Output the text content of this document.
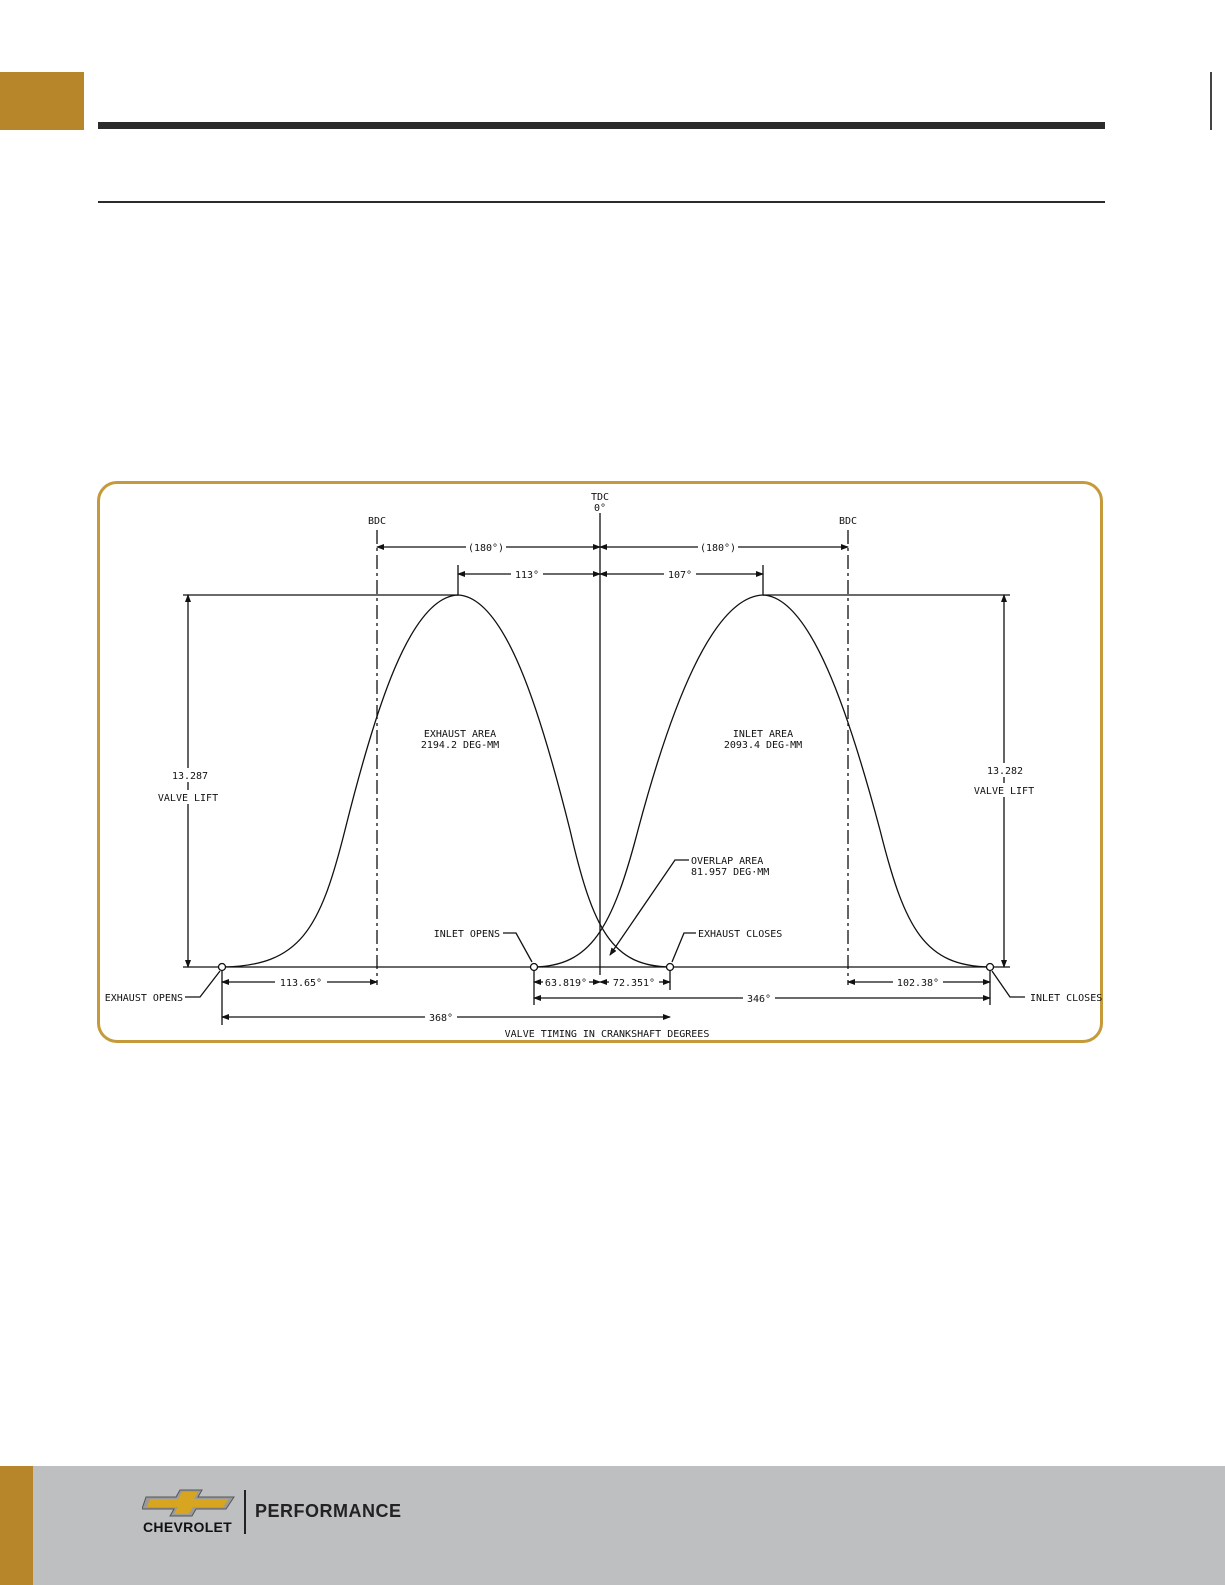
TDC
0°
BDC	BDC
(180°)	(180°)
113°	107°
EXHAUST AREA
2194.2 DEG-MM
INLET AREA
2093.4 DEG-MM
OVERLAP AREA
81.957 DEG·MM
13.287
VALVE LIFT
13.282
VALVE LIFT
INLET OPENS	EXHAUST CLOSES
EXHAUST OPENS	INLET CLOSES
113.65°	63.819°	72.351°	102.38°
346°
368°
VALVE TIMING IN CRANKSHAFT DEGREES
CHEVROLET
PERFORMANCE
